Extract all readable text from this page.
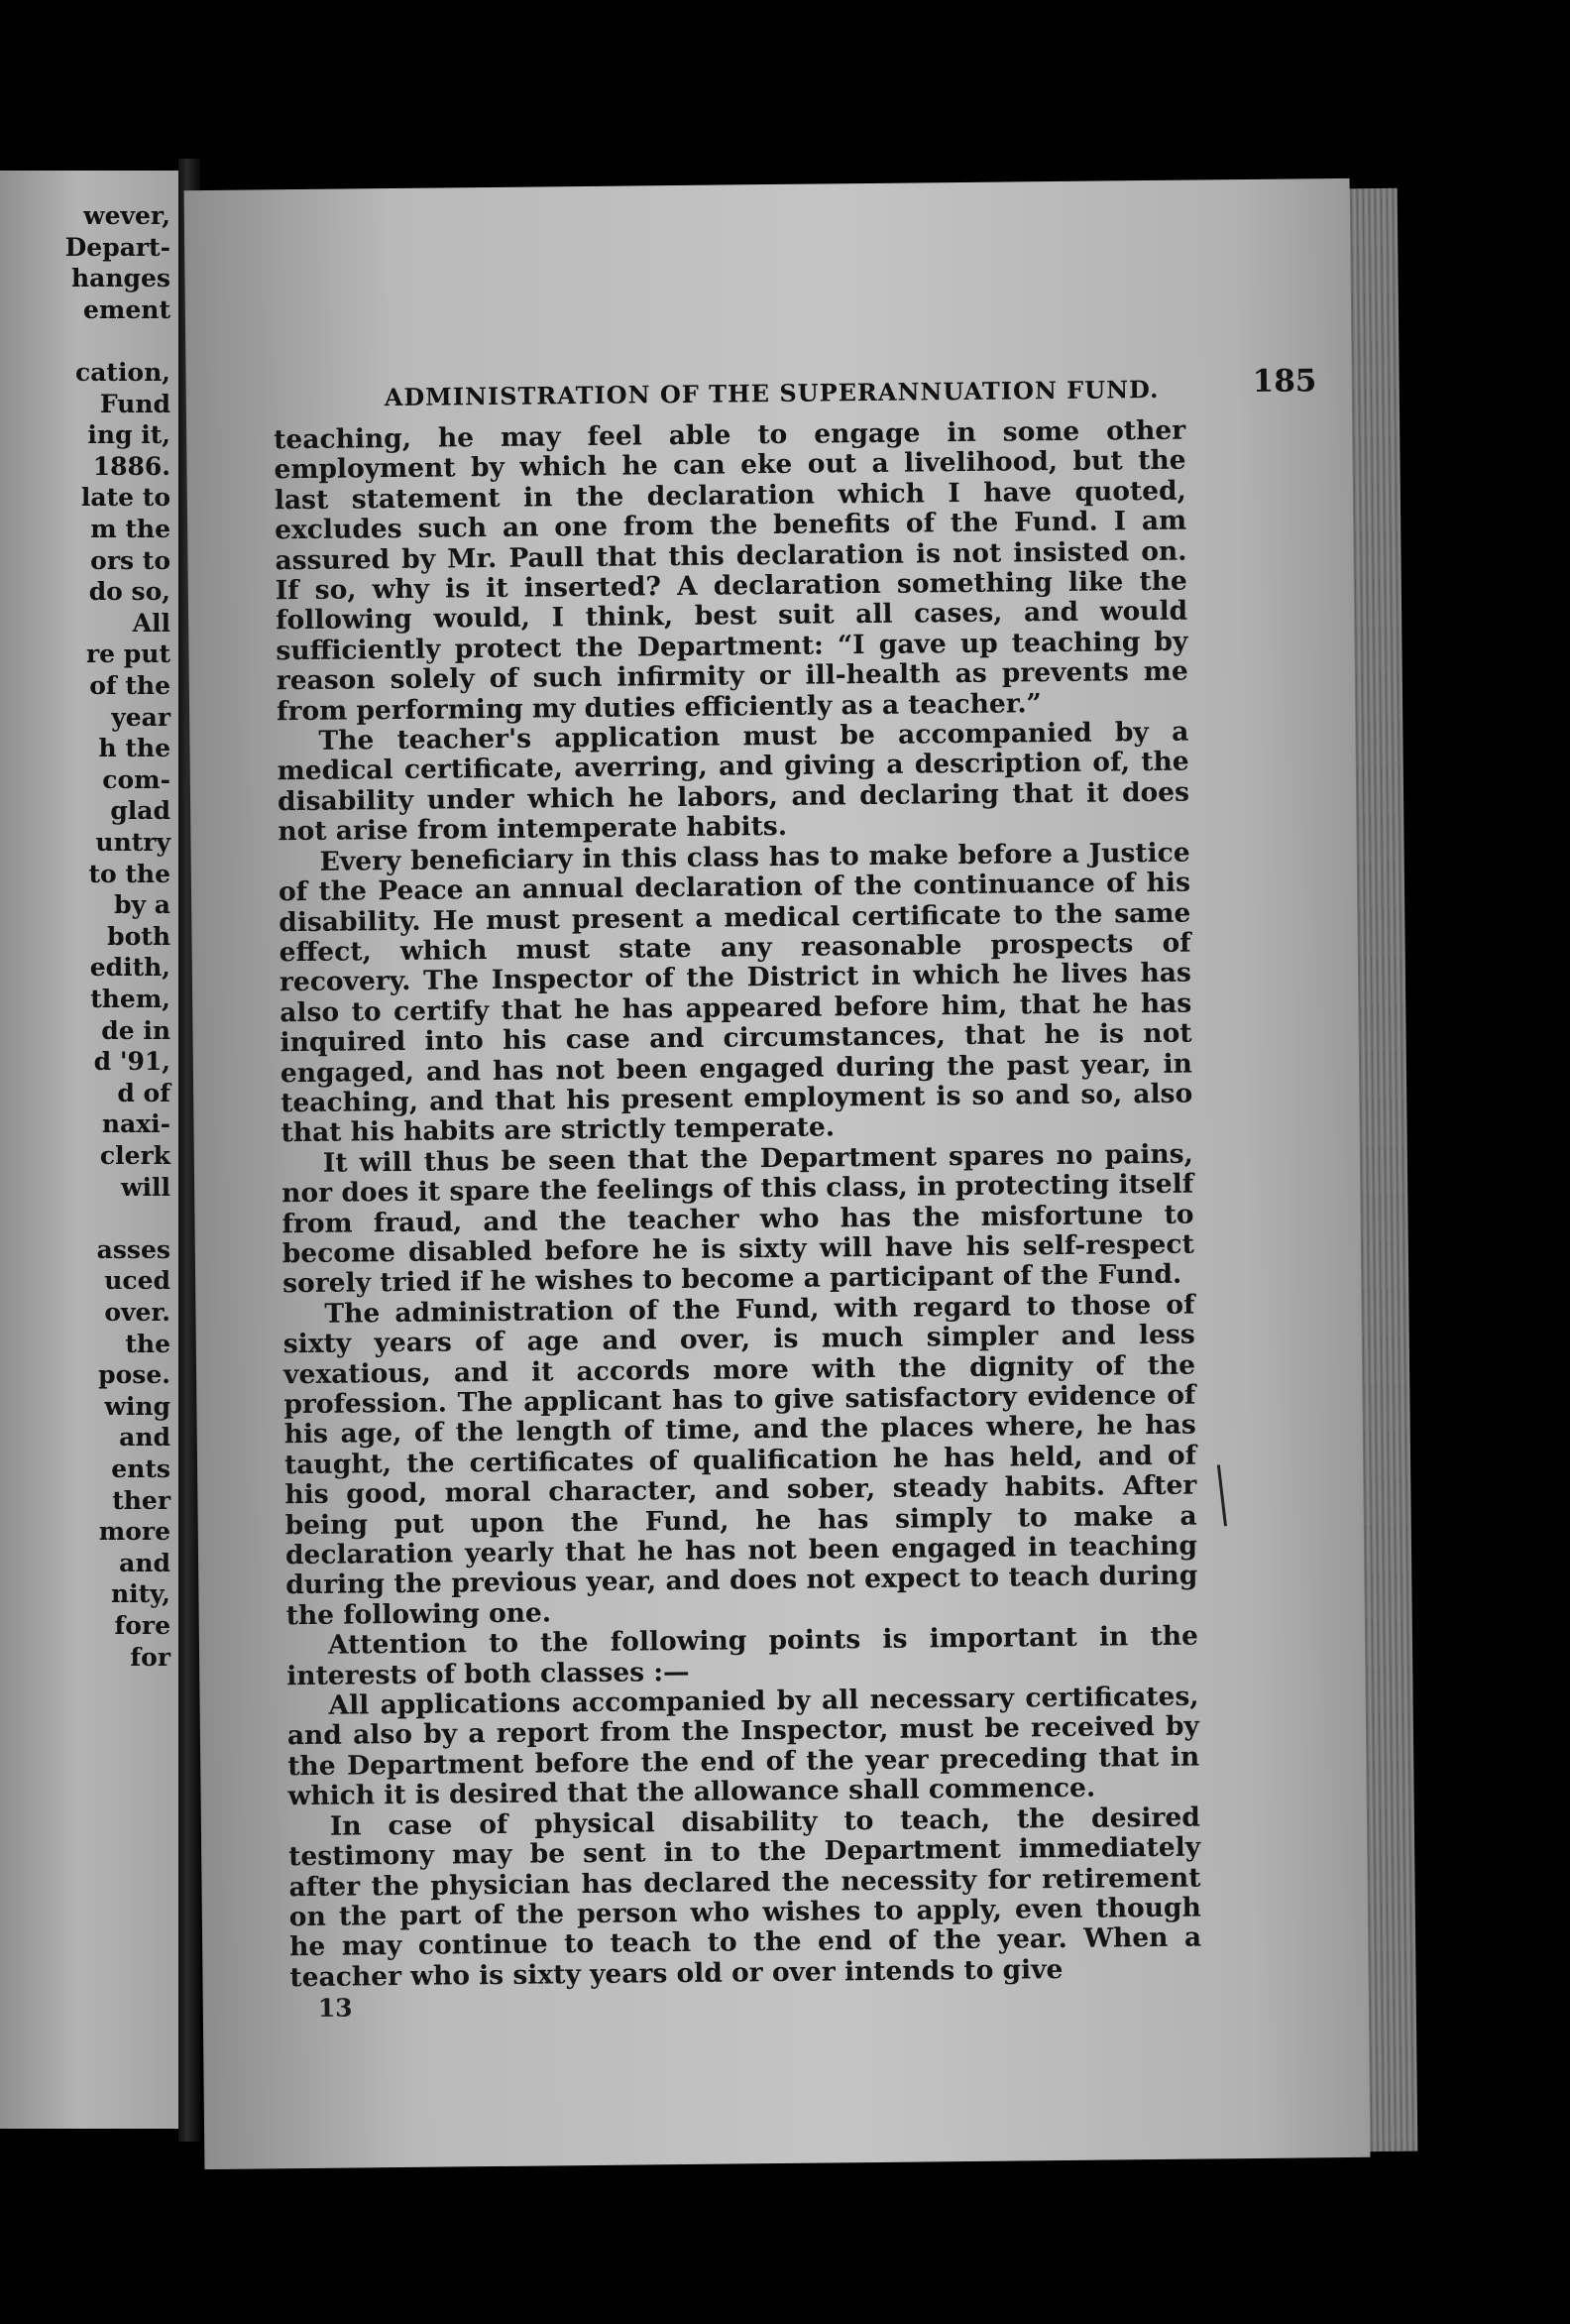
wever,
Depart-
hanges
ement
cation,
Fund
ing it,
1886.
late to
m the
ors to
do so,
All
re put
of the
year
h the
com-
glad
untry
to the
by a
both
edith,
them,
de in
d '91,
d of
naxi-
clerk
will
asses
uced
over.
the
pose.
wing
and
ents
ther
more
and
nity,
fore
for
ADMINISTRATION OF THE SUPERANNUATION FUND.	185

teaching, he may feel able to engage in some other employment by which he can eke out a livelihood, but the last statement in the declaration which I have quoted, excludes such an one from the benefits of the Fund. I am assured by Mr. Paull that this declaration is not insisted on. If so, why is it inserted? A declaration something like the following would, I think, best suit all cases, and would sufficiently protect the Department: “I gave up teaching by reason solely of such infirmity or ill-health as prevents me from performing my duties efficiently as a teacher.”

The teacher's application must be accompanied by a medical certificate, averring, and giving a description of, the disability under which he labors, and declaring that it does not arise from intemperate habits.

Every beneficiary in this class has to make before a Justice of the Peace an annual declaration of the continuance of his disability. He must present a medical certificate to the same effect, which must state any reasonable prospects of recovery. The Inspector of the District in which he lives has also to certify that he has appeared before him, that he has inquired into his case and circumstances, that he is not engaged, and has not been engaged during the past year, in teaching, and that his present employment is so and so, also that his habits are strictly temperate.

It will thus be seen that the Department spares no pains, nor does it spare the feelings of this class, in protecting itself from fraud, and the teacher who has the misfortune to become disabled before he is sixty will have his self-respect sorely tried if he wishes to become a participant of the Fund.

The administration of the Fund, with regard to those of sixty years of age and over, is much simpler and less vexatious, and it accords more with the dignity of the profession. The applicant has to give satisfactory evidence of his age, of the length of time, and the places where, he has taught, the certificates of qualification he has held, and of his good, moral character, and sober, steady habits. After being put upon the Fund, he has simply to make a declaration yearly that he has not been engaged in teaching during the previous year, and does not expect to teach during the following one.

Attention to the following points is important in the interests of both classes :—

All applications accompanied by all necessary certificates, and also by a report from the Inspector, must be received by the Department before the end of the year preceding that in which it is desired that the allowance shall commence.

In case of physical disability to teach, the desired testimony may be sent in to the Department immediately after the physician has declared the necessity for retirement on the part of the person who wishes to apply, even though he may continue to teach to the end of the year. When a teacher who is sixty years old or over intends to give

13
